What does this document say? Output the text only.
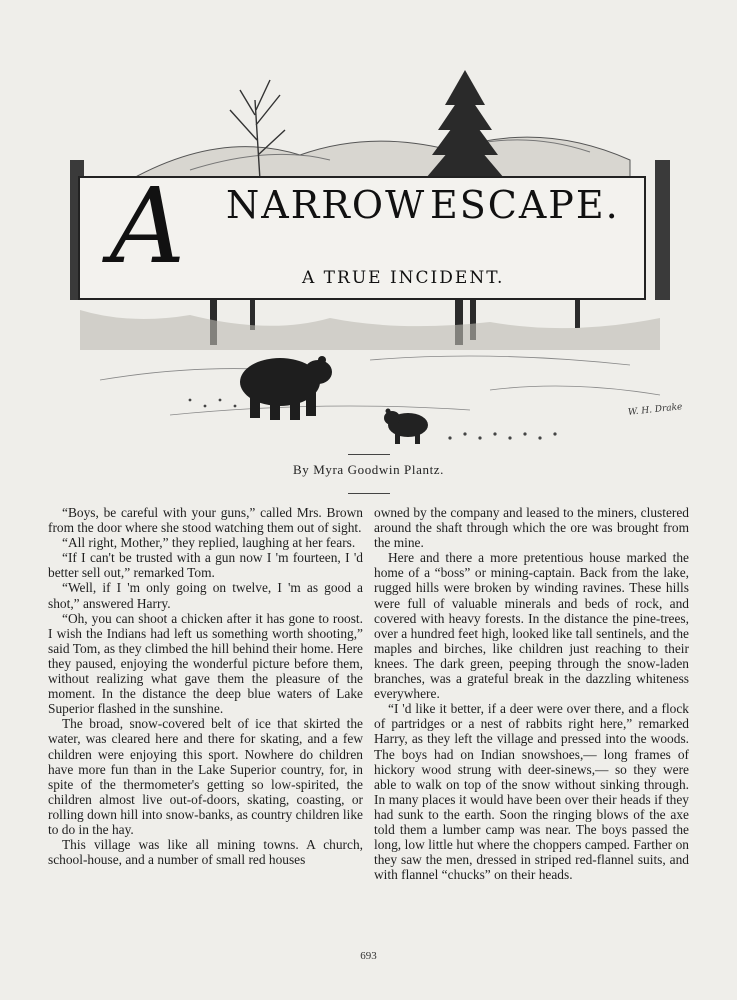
A NARROW ESCAPE.
A TRUE INCIDENT.
W. H. Drake
By Myra Goodwin Plantz.

“Boys, be careful with your guns,” called Mrs. Brown from the door where she stood watching them out of sight.

“All right, Mother,” they replied, laughing at her fears.

“If I can't be trusted with a gun now I 'm fourteen, I 'd better sell out,” remarked Tom.

“Well, if I 'm only going on twelve, I 'm as good a shot,” answered Harry.

“Oh, you can shoot a chicken after it has gone to roost. I wish the Indians had left us something worth shooting,” said Tom, as they climbed the hill behind their home. Here they paused, enjoying the wonderful picture before them, without realizing what gave them the pleasure of the moment. In the distance the deep blue waters of Lake Superior flashed in the sunshine.

The broad, snow-covered belt of ice that skirted the water, was cleared here and there for skating, and a few children were enjoying this sport. Nowhere do children have more fun than in the Lake Superior country, for, in spite of the thermometer's getting so low-spirited, the children almost live out-of-doors, skating, coasting, or rolling down hill into snow-banks, as country children like to do in the hay.

This village was like all mining towns. A church, school-house, and a number of small red houses

owned by the company and leased to the miners, clustered around the shaft through which the ore was brought from the mine.

Here and there a more pretentious house marked the home of a “boss” or mining-captain. Back from the lake, rugged hills were broken by winding ravines. These hills were full of valuable minerals and beds of rock, and covered with heavy forests. In the distance the pine-trees, over a hundred feet high, looked like tall sentinels, and the maples and birches, like children just reaching to their knees. The dark green, peeping through the snow-laden branches, was a grateful break in the dazzling whiteness everywhere.

“I 'd like it better, if a deer were over there, and a flock of partridges or a nest of rabbits right here,” remarked Harry, as they left the village and pressed into the woods. The boys had on Indian snowshoes,— long frames of hickory wood strung with deer-sinews,— so they were able to walk on top of the snow without sinking through. In many places it would have been over their heads if they had sunk to the earth. Soon the ringing blows of the axe told them a lumber camp was near. The boys passed the long, low little hut where the choppers camped. Farther on they saw the men, dressed in striped red-flannel suits, and with flannel “chucks” on their heads.

693
